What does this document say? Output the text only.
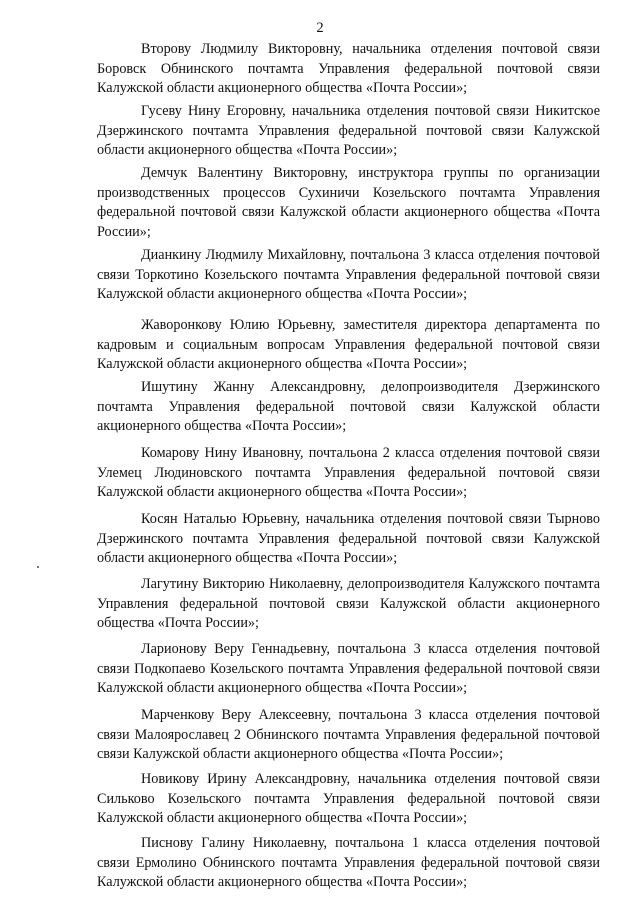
2

Второву Людмилу Викторовну, начальника отделения почтовой связи Боровск Обнинского почтамта Управления федеральной почтовой связи Калужской области акционерного общества «Почта России»;

Гусеву Нину Егоровну, начальника отделения почтовой связи Никитское Дзержинского почтамта Управления федеральной почтовой связи Калужской области акционерного общества «Почта России»;

Демчук Валентину Викторовну, инструктора группы по организации производственных процессов Сухиничи Козельского почтамта Управления федеральной почтовой связи Калужской области акционерного общества «Почта России»;

Дианкину Людмилу Михайловну, почтальона 3 класса отделения почтовой связи Торкотино Козельского почтамта Управления федеральной почтовой связи Калужской области акционерного общества «Почта России»;

Жаворонкову Юлию Юрьевну, заместителя директора департамента по кадровым и социальным вопросам Управления федеральной почтовой связи Калужской области акционерного общества «Почта России»;

Ишутину Жанну Александровну, делопроизводителя Дзержинского почтамта Управления федеральной почтовой связи Калужской области акционерного общества «Почта России»;

Комарову Нину Ивановну, почтальона 2 класса отделения почтовой связи Улемец Людиновского почтамта Управления федеральной почтовой связи Калужской области акционерного общества «Почта России»;

Косян Наталью Юрьевну, начальника отделения почтовой связи Тырново Дзержинского почтамта Управления федеральной почтовой связи Калужской области акционерного общества «Почта России»;

Лагутину Викторию Николаевну, делопроизводителя Калужского почтамта Управления федеральной почтовой связи Калужской области акционерного общества «Почта России»;

Ларионову Веру Геннадьевну, почтальона 3 класса отделения почтовой связи Подкопаево Козельского почтамта Управления федеральной почтовой связи Калужской области акционерного общества «Почта России»;

Марченкову Веру Алексеевну, почтальона 3 класса отделения почтовой связи Малоярославец 2 Обнинского почтамта Управления федеральной почтовой связи Калужской области акционерного общества «Почта России»;

Новикову Ирину Александровну, начальника отделения почтовой связи Сильково Козельского почтамта Управления федеральной почтовой связи Калужской области акционерного общества «Почта России»;

Писнову Галину Николаевну, почтальона 1 класса отделения почтовой связи Ермолино Обнинского почтамта Управления федеральной почтовой связи Калужской области акционерного общества «Почта России»;
